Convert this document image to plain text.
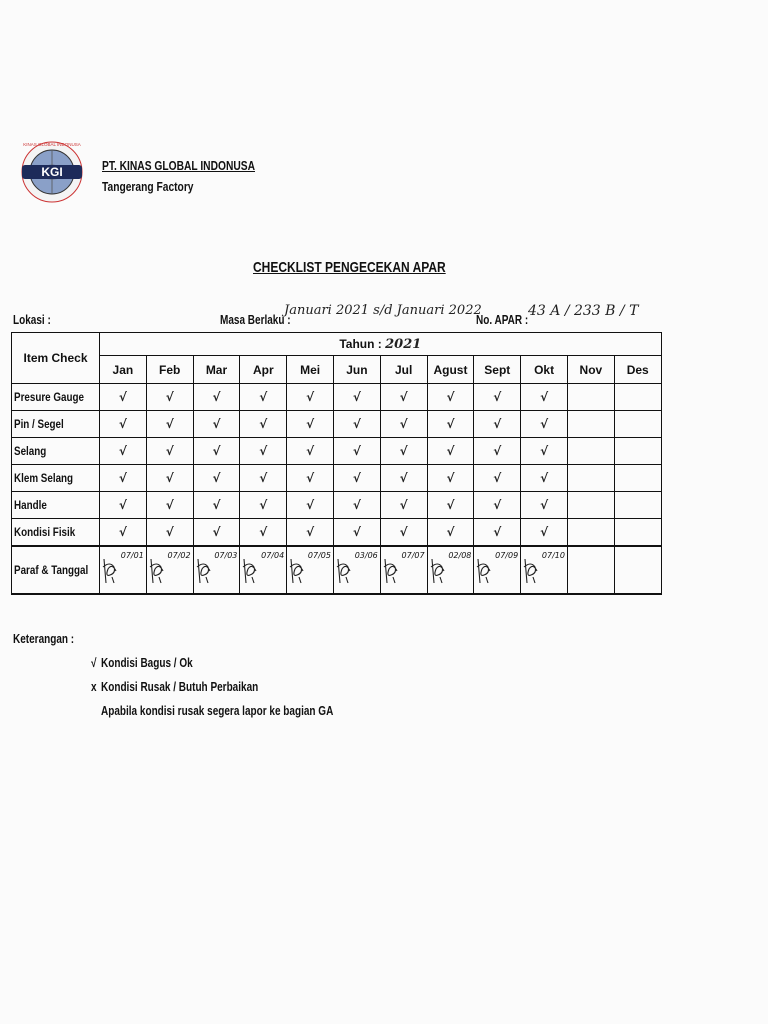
KGI
KINAS GLOBAL INDONUSA
PT. KINAS GLOBAL INDONUSA
Tangerang Factory
CHECKLIST PENGECEKAN APAR
Lokasi :	Masa Berlaku :
Januari 2021 s/d Januari 2022
No. APAR :
43 A / 233 B / T
Item Check	Tahun : 2021											
	Jan	Feb	Mar	Apr	Mei	Jun	Jul	Agust	Sept	Okt	Nov	Des
Presure Gauge	√	√	√	√	√	√	√	√	√	√		
Pin / Segel	√	√	√	√	√	√	√	√	√	√		
Selang	√	√	√	√	√	√	√	√	√	√		
Klem Selang	√	√	√	√	√	√	√	√	√	√		
Handle	√	√	√	√	√	√	√	√	√	√		
Kondisi Fisik	√	√	√	√	√	√	√	√	√	√		
Paraf & Tanggal	07/01	07/02	07/03	07/04	07/05	03/06	07/07	02/08	07/09	07/10		

Keterangan :
√ Kondisi Bagus / Ok
x Kondisi Rusak / Butuh Perbaikan
Apabila kondisi rusak segera lapor ke bagian GA
